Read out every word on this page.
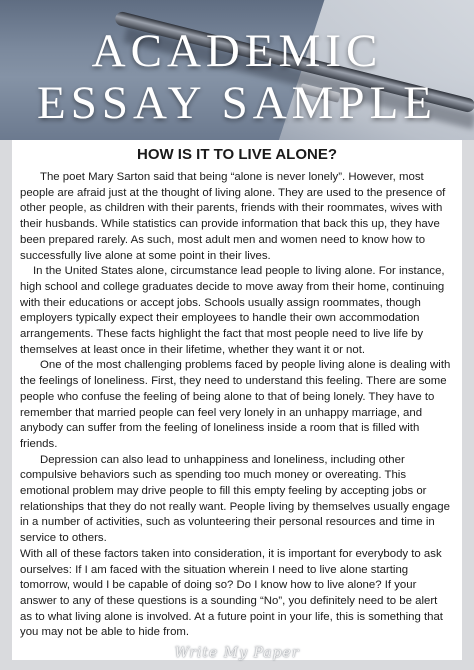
ACADEMIC
ESSAY SAMPLE
HOW IS IT TO LIVE ALONE?

The poet Mary Sarton said that being “alone is never lonely”. However, most people are afraid just at the thought of living alone. They are used to the presence of other people, as children with their parents, friends with their roommates, wives with their husbands. While statistics can provide information that back this up, they have been prepared rarely. As such, most adult men and women need to know how to successfully live alone at some point in their lives.

In the United States alone, circumstance lead people to living alone. For instance, high school and college graduates decide to move away from their home, continuing with their educations or accept jobs. Schools usually assign roommates, though employers typically expect their employees to handle their own accommodation arrangements. These facts highlight the fact that most people need to live life by themselves at least once in their lifetime, whether they want it or not.

One of the most challenging problems faced by people living alone is dealing with the feelings of loneliness. First, they need to understand this feeling. There are some people who confuse the feeling of being alone to that of being lonely. They have to remember that married people can feel very lonely in an unhappy marriage, and anybody can suffer from the feeling of loneliness inside a room that is filled with friends.

Depression can also lead to unhappiness and loneliness, including other compulsive behaviors such as spending too much money or overeating. This emotional problem may drive people to fill this empty feeling by accepting jobs or relationships that they do not really want. People living by themselves usually engage in a number of activities, such as volunteering their personal resources and time in service to others.

With all of these factors taken into consideration, it is important for everybody to ask ourselves: If I am faced with the situation wherein I need to live alone starting tomorrow, would I be capable of doing so? Do I know how to live alone? If your answer to any of these questions is a sounding “No”, you definitely need to be alert as to what living alone is involved. At a future point in your life, this is something that you may not be able to hide from.

Write My Paper
